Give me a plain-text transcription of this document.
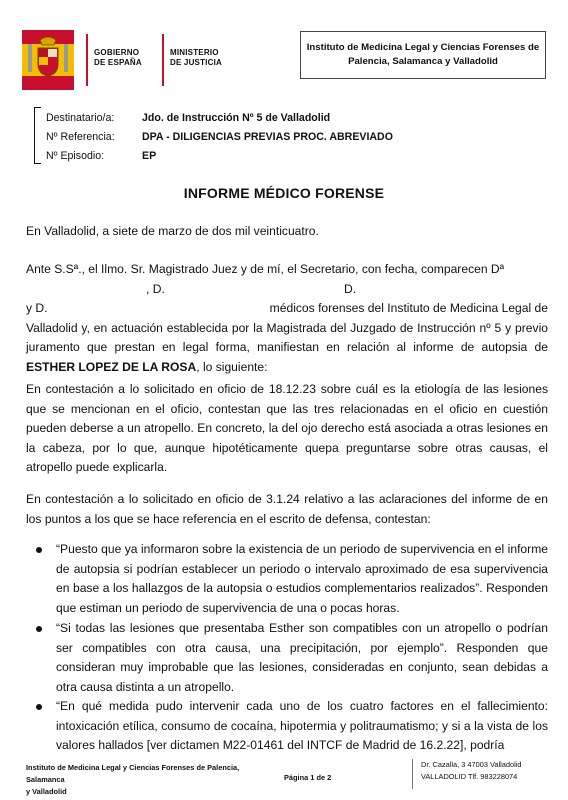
GOBIERNO
DE ESPAÑA
MINISTERIO
DE JUSTICIA
Instituto de Medicina Legal y Ciencias Forenses de
Palencia, Salamanca y Valladolid
Destinatario/a:	Jdo. de Instrucción Nº 5 de Valladolid
Nº Referencia:	DPA - DILIGENCIAS PREVIAS PROC. ABREVIADO
Nº Episodio:	EP
INFORME MÉDICO FORENSE
En Valladolid, a siete de marzo de dos mil veinticuatro.
Ante S.Sª., el Ilmo. Sr. Magistrado Juez y de mí, el Secretario, con fecha, comparecen Dª
, D.	D.
y D.	médicos forenses del Instituto de Medicina Legal de
Valladolid y, en actuación establecida por la Magistrada del Juzgado de Instrucción nº 5 y previo juramento que prestan en legal forma, manifiestan en relación al informe de autopsia de ESTHER LOPEZ DE LA ROSA, lo siguiente:
En contestación a lo solicitado en oficio de 18.12.23 sobre cuál es la etiología de las lesiones que se mencionan en el oficio, contestan que las tres relacionadas en el oficio en cuestión pueden deberse a un atropello. En concreto, la del ojo derecho está asociada a otras lesiones en la cabeza, por lo que, aunque hipotéticamente quepa preguntarse sobre otras causas, el atropello puede explicarla.
En contestación a lo solicitado en oficio de 3.1.24 relativo a las aclaraciones del informe de en los puntos a los que se hace referencia en el escrito de defensa, contestan:
“Puesto que ya informaron sobre la existencia de un periodo de supervivencia en el informe de autopsia si podrían establecer un periodo o intervalo aproximado de esa supervivencia en base a los hallazgos de la autopsia o estudios complementarios realizados”. Responden que estiman un periodo de supervivencia de una o pocas horas.
“Si todas las lesiones que presentaba Esther son compatibles con un atropello o podrían ser compatibles con otra causa, una precipitación, por ejemplo”. Responden que consideran muy improbable que las lesiones, consideradas en conjunto, sean debidas a otra causa distinta a un atropello.
“En qué medida pudo intervenir cada uno de los cuatro factores en el fallecimiento: intoxicación etílica, consumo de cocaína, hipotermia y politraumatismo; y si a la vista de los valores hallados [ver dictamen M22-01461 del INTCF de Madrid de 16.2.22], podría
Instituto de Medicina Legal y Ciencias Forenses de Palencia, Salamanca
y Valladolid
Página 1 de 2
Dr. Cazalla, 3 47003 Valladolid
VALLADOLID Tlf. 983228074
